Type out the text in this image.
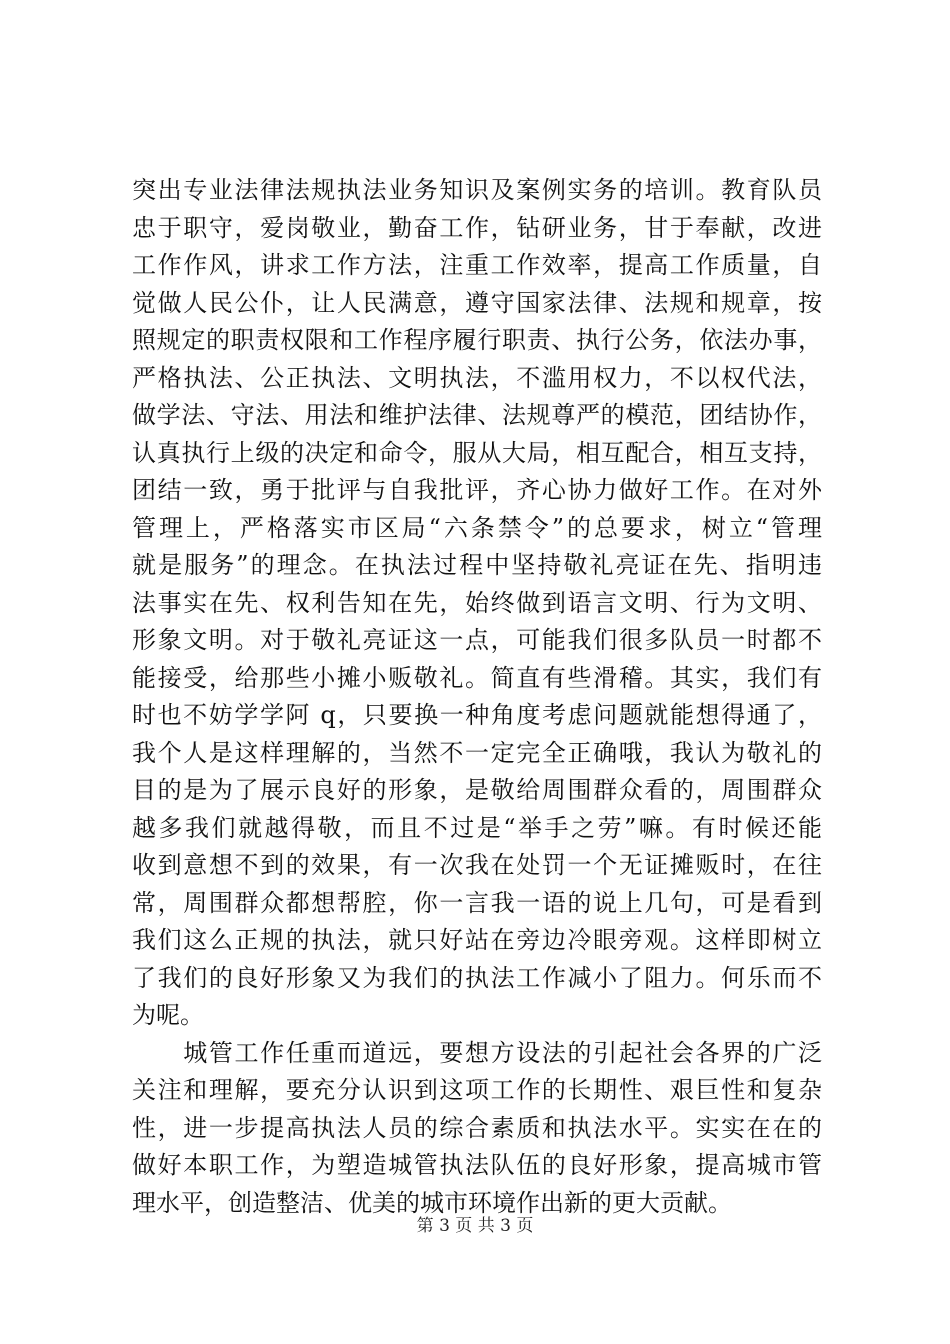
突出专业法律法规执法业务知识及案例实务的培训。教育队员
忠于职守，爱岗敬业，勤奋工作，钻研业务，甘于奉献，改进
工作作风，讲求工作方法，注重工作效率，提高工作质量，自
觉做人民公仆，让人民满意，遵守国家法律、法规和规章，按
照规定的职责权限和工作程序履行职责、执行公务，依法办事，
严格执法、公正执法、文明执法，不滥用权力，不以权代法，
做学法、守法、用法和维护法律、法规尊严的模范，团结协作，
认真执行上级的决定和命令，服从大局，相互配合，相互支持，
团结一致，勇于批评与自我批评，齐心协力做好工作。在对外
管理上，严格落实市区局“六条禁令”的总要求，树立“管理
就是服务”的理念。在执法过程中坚持敬礼亮证在先、指明违
法事实在先、权利告知在先，始终做到语言文明、行为文明、
形象文明。对于敬礼亮证这一点，可能我们很多队员一时都不
能接受，给那些小摊小贩敬礼。简直有些滑稽。其实，我们有
时也不妨学学阿 q，只要换一种角度考虑问题就能想得通了，
我个人是这样理解的，当然不一定完全正确哦，我认为敬礼的
目的是为了展示良好的形象，是敬给周围群众看的，周围群众
越多我们就越得敬，而且不过是“举手之劳”嘛。有时候还能
收到意想不到的效果，有一次我在处罚一个无证摊贩时，在往
常，周围群众都想帮腔，你一言我一语的说上几句，可是看到
我们这么正规的执法，就只好站在旁边冷眼旁观。这样即树立
了我们的良好形象又为我们的执法工作减小了阻力。何乐而不
为呢。
　　城管工作任重而道远，要想方设法的引起社会各界的广泛
关注和理解，要充分认识到这项工作的长期性、艰巨性和复杂
性，进一步提高执法人员的综合素质和执法水平。实实在在的
做好本职工作，为塑造城管执法队伍的良好形象，提高城市管
理水平，创造整洁、优美的城市环境作出新的更大贡献。
第 3 页 共 3 页
